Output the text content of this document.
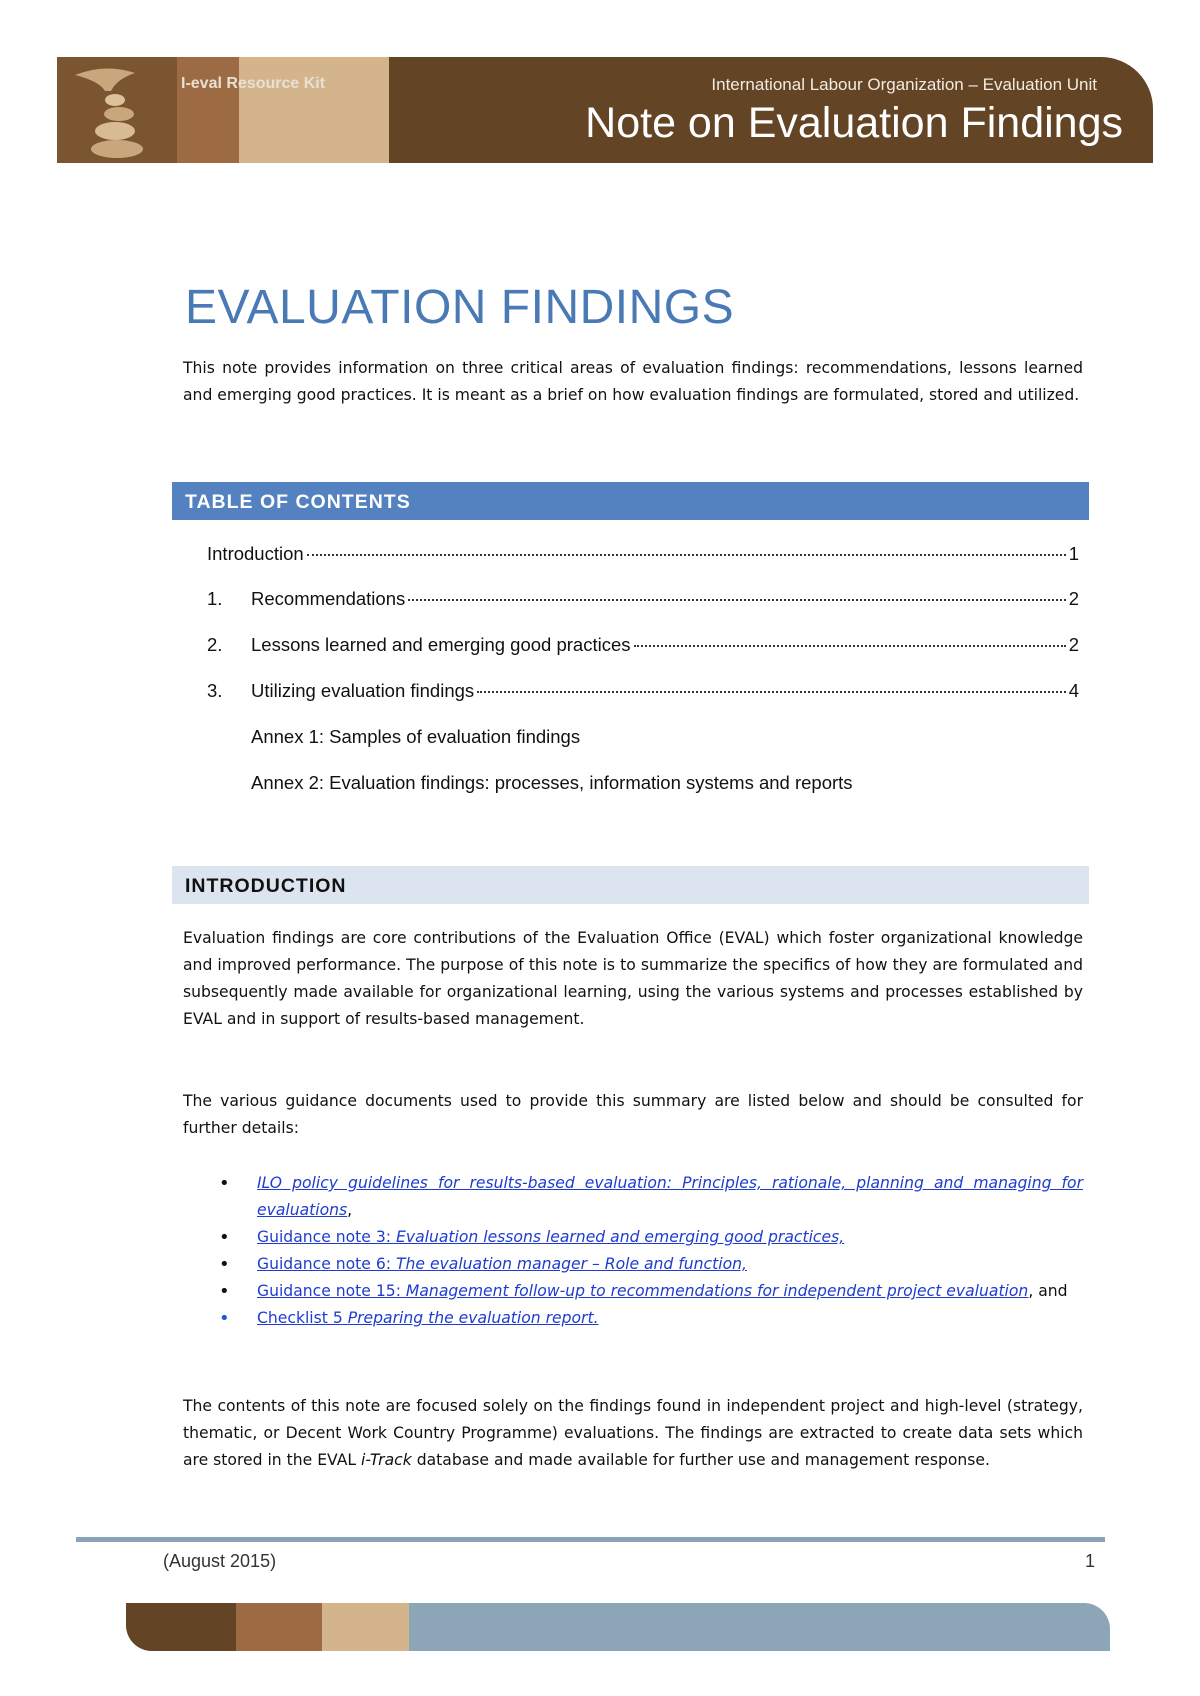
I-eval Resource Kit	International Labour Organization – Evaluation Unit
Note on Evaluation Findings
EVALUATION FINDINGS
This note provides information on three critical areas of evaluation findings: recommendations, lessons learned and emerging good practices. It is meant as a brief on how evaluation findings are formulated, stored and utilized.
TABLE OF CONTENTS
Introduction	1
1.	Recommendations	2
2.	Lessons learned and emerging good practices	2
3.	Utilizing evaluation findings	4
Annex 1: Samples of evaluation findings
Annex 2: Evaluation findings: processes, information systems and reports
INTRODUCTION
Evaluation findings are core contributions of the Evaluation Office (EVAL) which foster organizational knowledge and improved performance. The purpose of this note is to summarize the specifics of how they are formulated and subsequently made available for organizational learning, using the various systems and processes established by EVAL and in support of results-based management.
The various guidance documents used to provide this summary are listed below and should be consulted for further details:
• ILO policy guidelines for results-based evaluation: Principles, rationale, planning and managing for evaluations,
• Guidance note 3: Evaluation lessons learned and emerging good practices,
• Guidance note 6: The evaluation manager – Role and function,
• Guidance note 15: Management follow-up to recommendations for independent project evaluation, and
• Checklist 5 Preparing the evaluation report.
The contents of this note are focused solely on the findings found in independent project and high-level (strategy, thematic, or Decent Work Country Programme) evaluations. The findings are extracted to create data sets which are stored in the EVAL i-Track database and made available for further use and management response.
(August 2015)	1
